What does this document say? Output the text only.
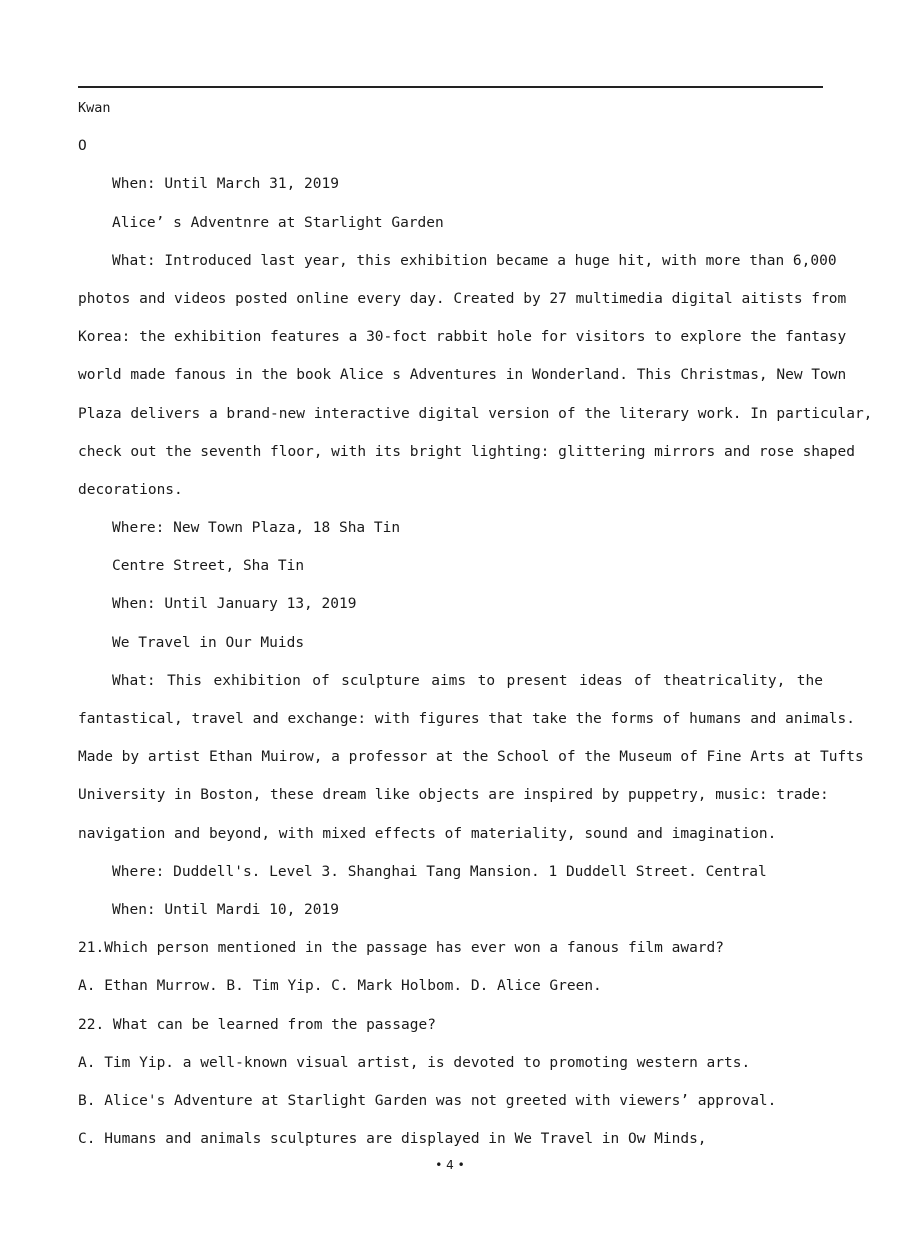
Kwan
O
When: Until March 31, 2019
Alice’ s Adventnre at Starlight Garden
What: Introduced last year, this exhibition became a huge hit, with more than 6,000
photos and videos posted online every day. Created by 27 multimedia digital aitists from
Korea: the exhibition features a 30-foct rabbit hole for visitors to explore the fantasy
world made fanous in the book Alice s Adventures in Wonderland. This Christmas, New Town
Plaza delivers a brand-new interactive digital version of the literary work. In particular,
check out the seventh floor, with its bright lighting: glittering mirrors and rose shaped
decorations.
Where: New Town Plaza, 18 Sha Tin
Centre Street, Sha Tin
When: Until January 13, 2019
We Travel in Our Muids
What: This exhibition of sculpture aims to present ideas of theatricality, the
fantastical, travel and exchange: with figures that take the forms of humans and animals.
Made by artist Ethan Muirow, a professor at the School of the Museum of Fine Arts at Tufts
University in Boston, these dream like objects are inspired by puppetry, music: trade:
navigation and beyond, with mixed effects of materiality, sound and imagination.
Where: Duddell's. Level 3. Shanghai Tang Mansion. 1 Duddell Street. Central
When: Until Mardi 10, 2019
21.Which person mentioned in the passage has ever won a fanous film award?
A. Ethan Murrow. B. Tim Yip. C. Mark Holbom. D. Alice Green.
22. What can be learned from the passage?
A. Tim Yip. a well-known visual artist, is devoted to promoting western arts.
B. Alice's Adventure at Starlight Garden was not greeted with viewers’ approval.
C. Humans and animals sculptures are displayed in We Travel in Ow Minds,
• 4 •
